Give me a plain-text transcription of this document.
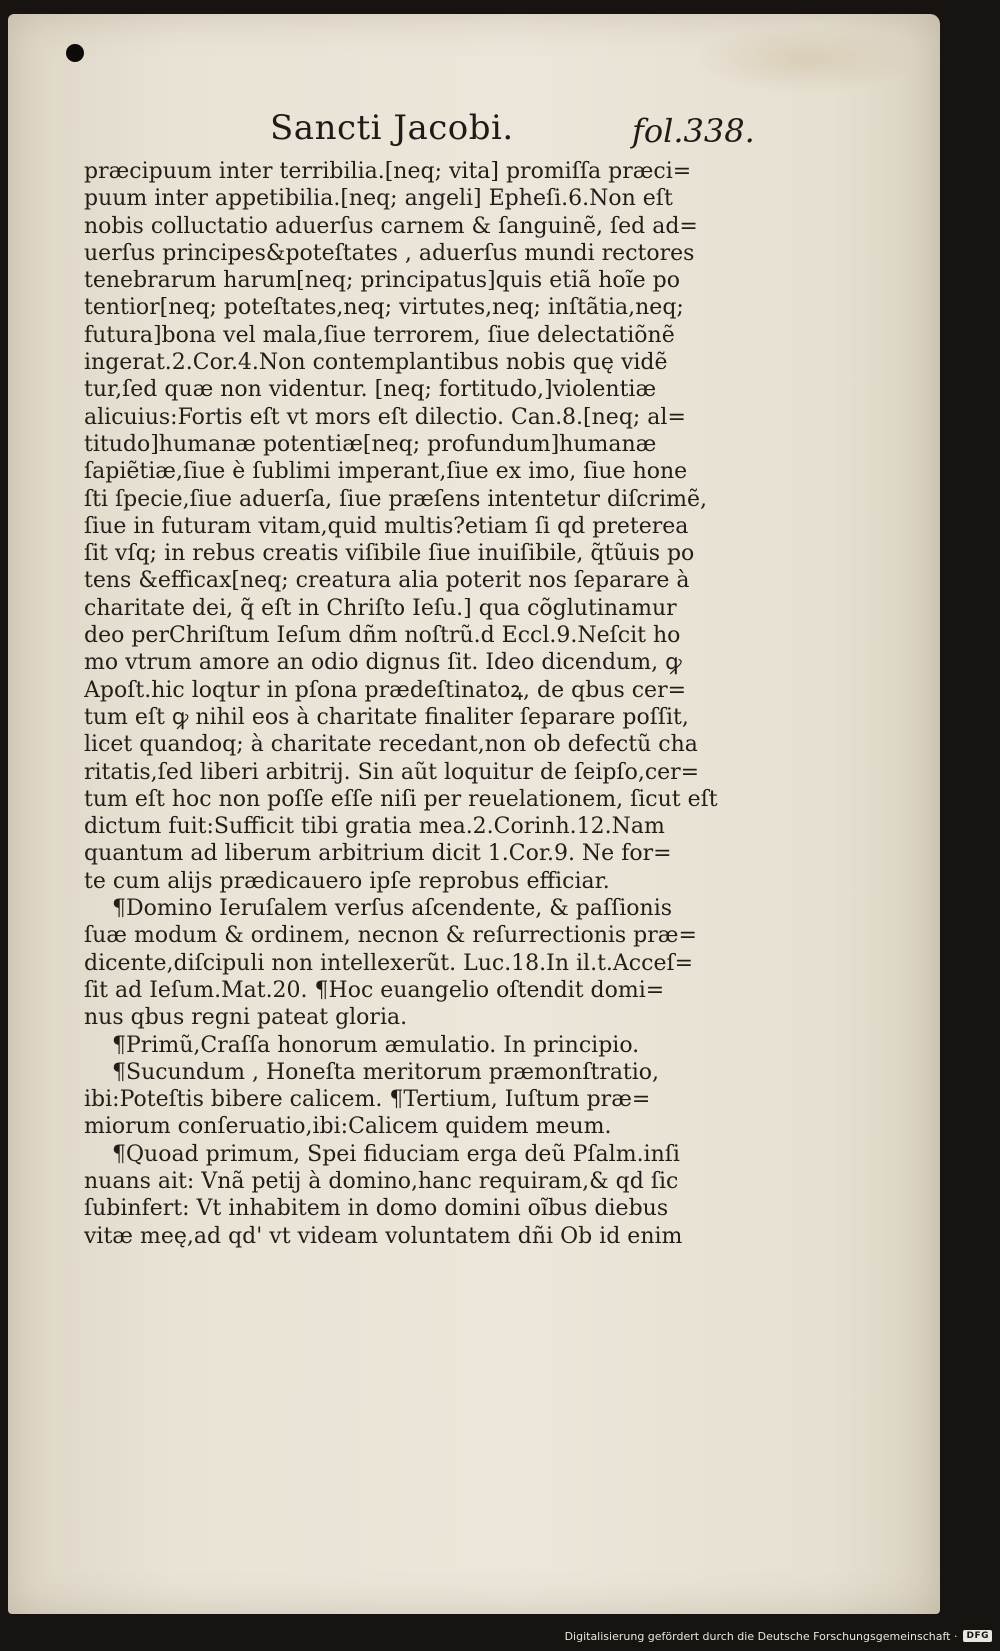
Sancti Jacobi.	fol.338.
præcipuum inter terribilia.[neq; vita] promiſſa præci=
puum inter appetibilia.[neq; angeli] Epheſi.6.Non eſt
nobis colluctatio aduerſus carnem & ſanguinẽ, ſed ad=
uerſus principes&poteſtates , aduerſus mundi rectores
tenebrarum harum[neq; principatus]quis etiã hoĩe po
tentior[neq; poteſtates,neq; virtutes,neq; inſtãtia,neq;
futura]bona vel mala,ſiue terrorem, ſiue delectatiõnẽ
ingerat.2.Cor.4.Non contemplantibus nobis quę vidẽ
tur,ſed quæ non videntur. [neq; fortitudo,]violentiæ
alicuius:Fortis eſt vt mors eſt dilectio. Can.8.[neq; al=
titudo]humanæ potentiæ[neq; profundum]humanæ
ſapiẽtiæ,ſiue è ſublimi imperant,ſiue ex imo, ſiue hone
ſti ſpecie,ſiue aduerſa, ſiue præſens intentetur diſcrimẽ,
ſiue in futuram vitam,quid multis?etiam ſi qd preterea
ſit vſq; in rebus creatis viſibile ſiue inuiſibile, q̃tũuis po
tens &efficax[neq; creatura alia poterit nos ſeparare à
charitate dei, q̃ eſt in Chriſto Ieſu.] qua cõglutinamur
deo perChriſtum Ieſum dñm noſtrũ.d Eccl.9.Neſcit ho
mo vtrum amore an odio dignus ſit. Ideo dicendum, ꝙ
Apoſt.hic loqtur in pſona prædeſtinatoꝝ, de qbus cer=
tum eſt ꝙ nihil eos à charitate finaliter ſeparare poſſit,
licet quandoq; à charitate recedant,non ob defectũ cha
ritatis,ſed liberi arbitrij. Sin aũt loquitur de ſeipſo,cer=
tum eſt hoc non poſſe eſſe niſi per reuelationem, ſicut eſt
dictum fuit:Sufficit tibi gratia mea.2.Corinh.12.Nam
quantum ad liberum arbitrium dicit 1.Cor.9. Ne for=
te cum alijs prædicauero ipſe reprobus efficiar.
¶Domino Ieruſalem verſus aſcendente, & paſſionis
ſuæ modum & ordinem, necnon & reſurrectionis præ=
dicente,diſcipuli non intellexerũt. Luc.18.In il.t.Acceſ=
ſit ad Ieſum.Mat.20. ¶Hoc euangelio oſtendit domi=
nus qbus regni pateat gloria.
¶Primũ,Craſſa honorum æmulatio. In principio.
¶Sucundum , Honeſta meritorum præmonſtratio,
ibi:Poteſtis bibere calicem. ¶Tertium, Iuſtum præ=
miorum conſeruatio,ibi:Calicem quidem meum.
¶Quoad primum, Spei fiduciam erga deũ Pſalm.inſi
nuans ait: Vnã petij à domino,hanc requiram,& qd ſic
ſubinfert: Vt inhabitem in domo domini oĩbus diebus
vitæ meę,ad qd' vt videam voluntatem dñi Ob id enim
Digitalisierung gefördert durch die Deutsche Forschungsgemeinschaft ·	DFG
